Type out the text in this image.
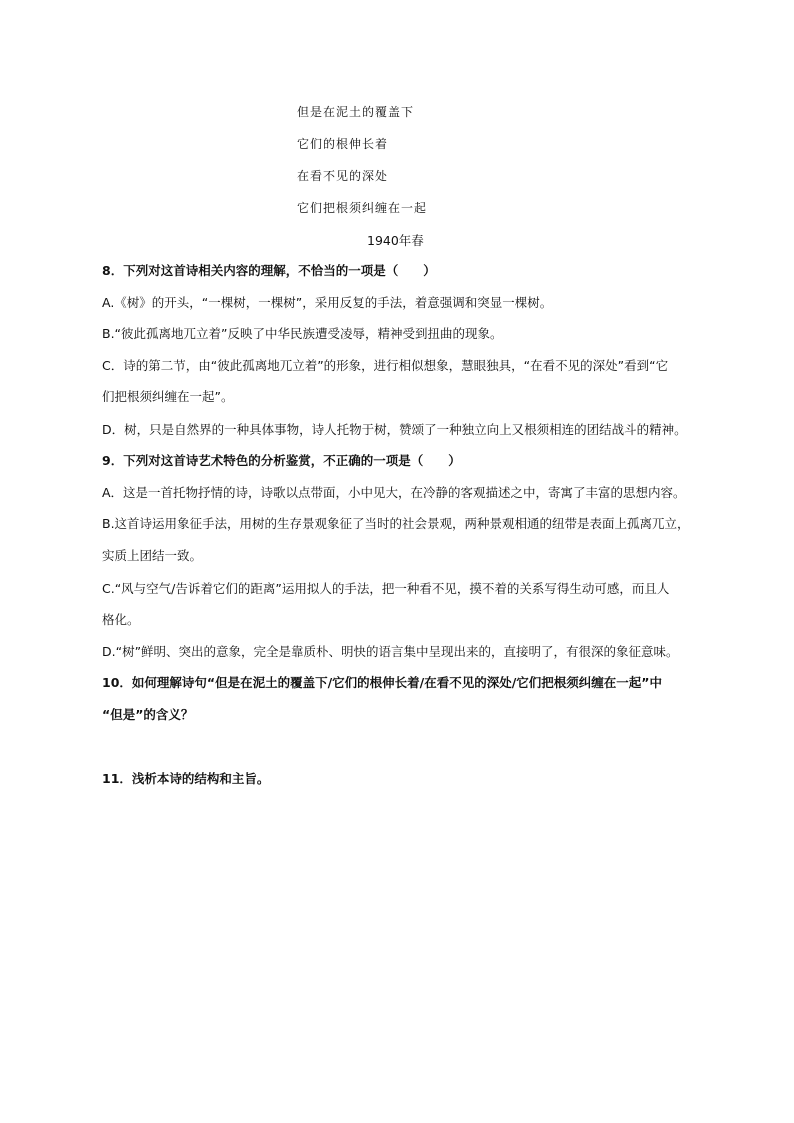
但是在泥土的覆盖下
它们的根伸长着
在看不见的深处
它们把根须纠缠在一起
1940年春
8．下列对这首诗相关内容的理解，不恰当的一项是（　　）
A.《树》的开头，“一棵树，一棵树”，采用反复的手法，着意强调和突显一棵树。
B.“彼此孤离地兀立着”反映了中华民族遭受凌辱，精神受到扭曲的现象。
C．诗的第二节，由“彼此孤离地兀立着”的形象，进行相似想象，慧眼独具，“在看不见的深处”看到“它
们把根须纠缠在一起”。
D．树，只是自然界的一种具体事物，诗人托物于树，赞颂了一种独立向上又根须相连的团结战斗的精神。
9．下列对这首诗艺术特色的分析鉴赏，不正确的一项是（　　）
A．这是一首托物抒情的诗，诗歌以点带面，小中见大，在冷静的客观描述之中，寄寓了丰富的思想内容。
B.这首诗运用象征手法，用树的生存景观象征了当时的社会景观，两种景观相通的纽带是表面上孤离兀立，
实质上团结一致。
C.“风与空气/告诉着它们的距离”运用拟人的手法，把一种看不见，摸不着的关系写得生动可感，而且人
格化。
D.“树”鲜明、突出的意象，完全是靠质朴、明快的语言集中呈现出来的，直接明了，有很深的象征意味。
10．如何理解诗句“但是在泥土的覆盖下/它们的根伸长着/在看不见的深处/它们把根须纠缠在一起”中
“但是”的含义？
11．浅析本诗的结构和主旨。
